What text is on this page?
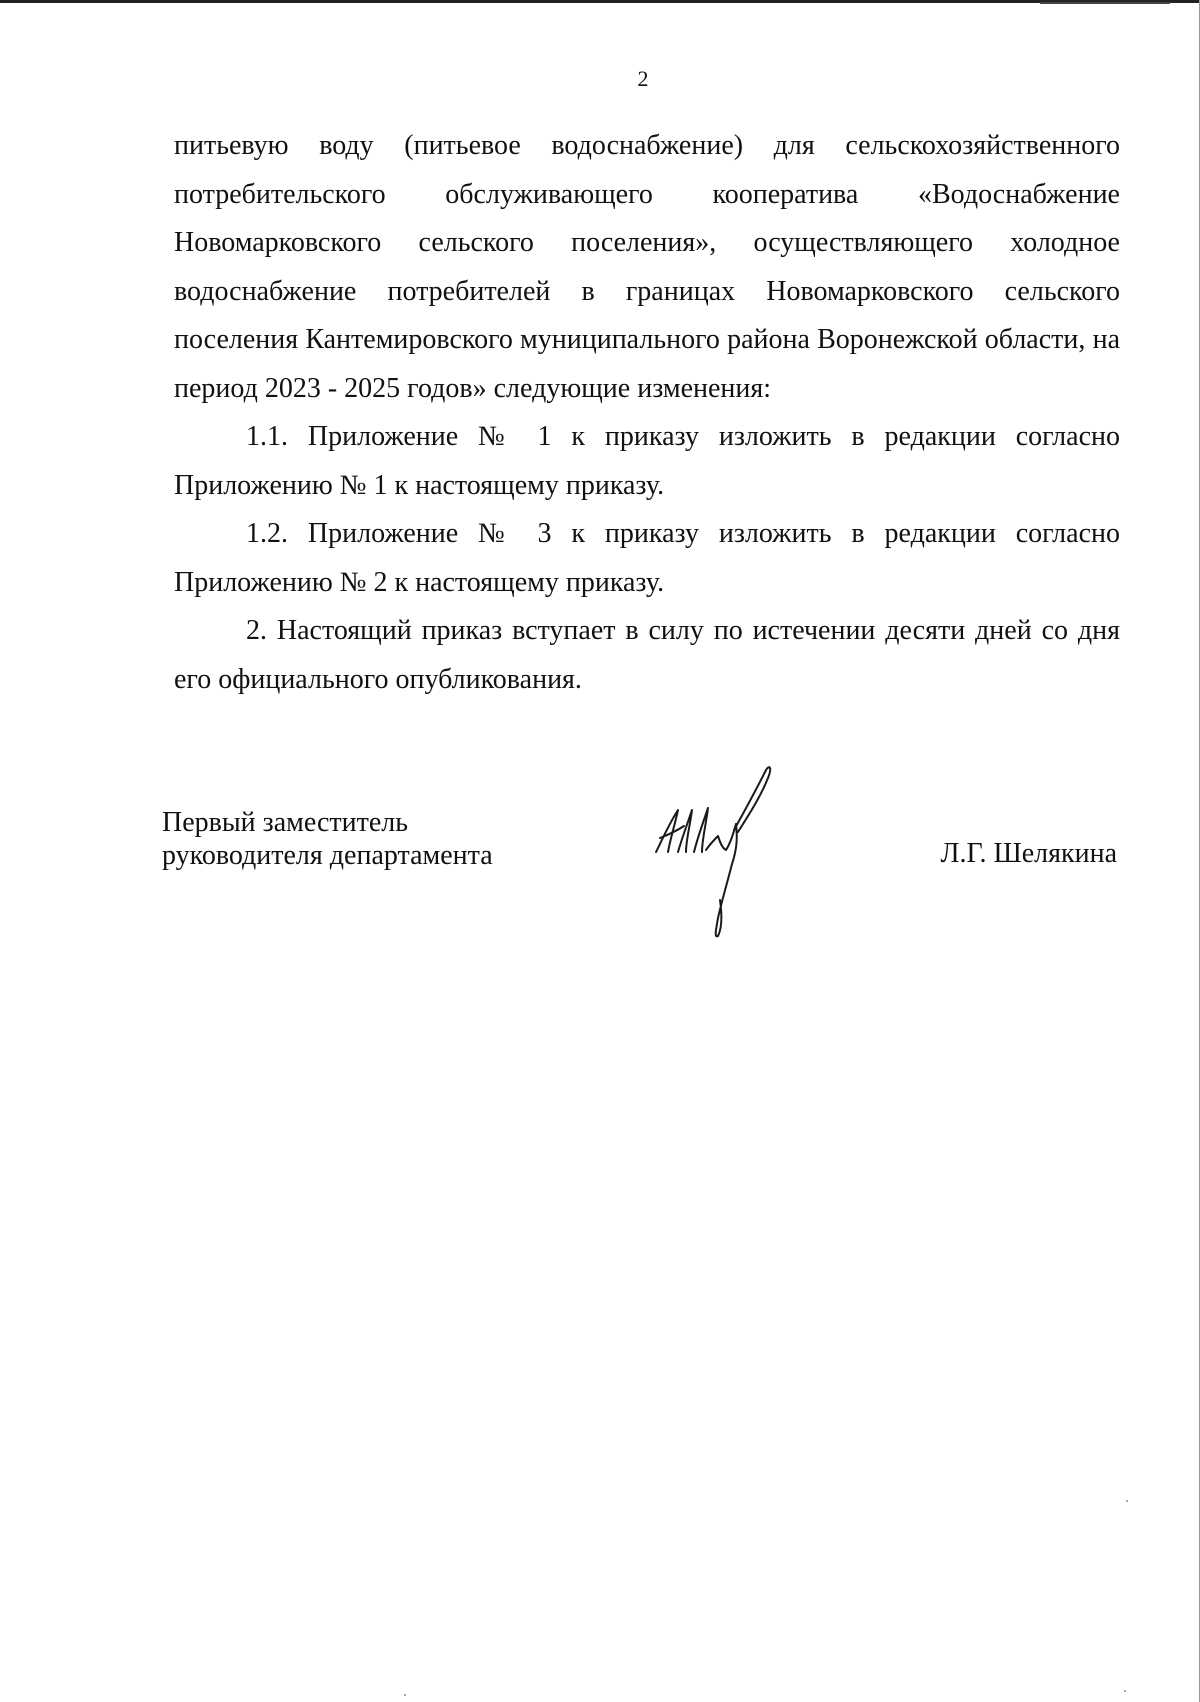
2

питьевую воду (питьевое водоснабжение) для сельскохозяйственного потребительского обслуживающего кооператива «Водоснабжение Новомарковского сельского поселения», осуществляющего холодное водоснабжение потребителей в границах Новомарковского сельского поселения Кантемировского муниципального района Воронежской области, на период 2023 - 2025 годов» следующие изменения:

1.1. Приложение № 1 к приказу изложить в редакции согласно Приложению № 1 к настоящему приказу.

1.2. Приложение № 3 к приказу изложить в редакции согласно Приложению № 2 к настоящему приказу.

2. Настоящий приказ вступает в силу по истечении десяти дней со дня его официального опубликования.

Первый заместитель
руководителя департамента	Л.Г. Шелякина
